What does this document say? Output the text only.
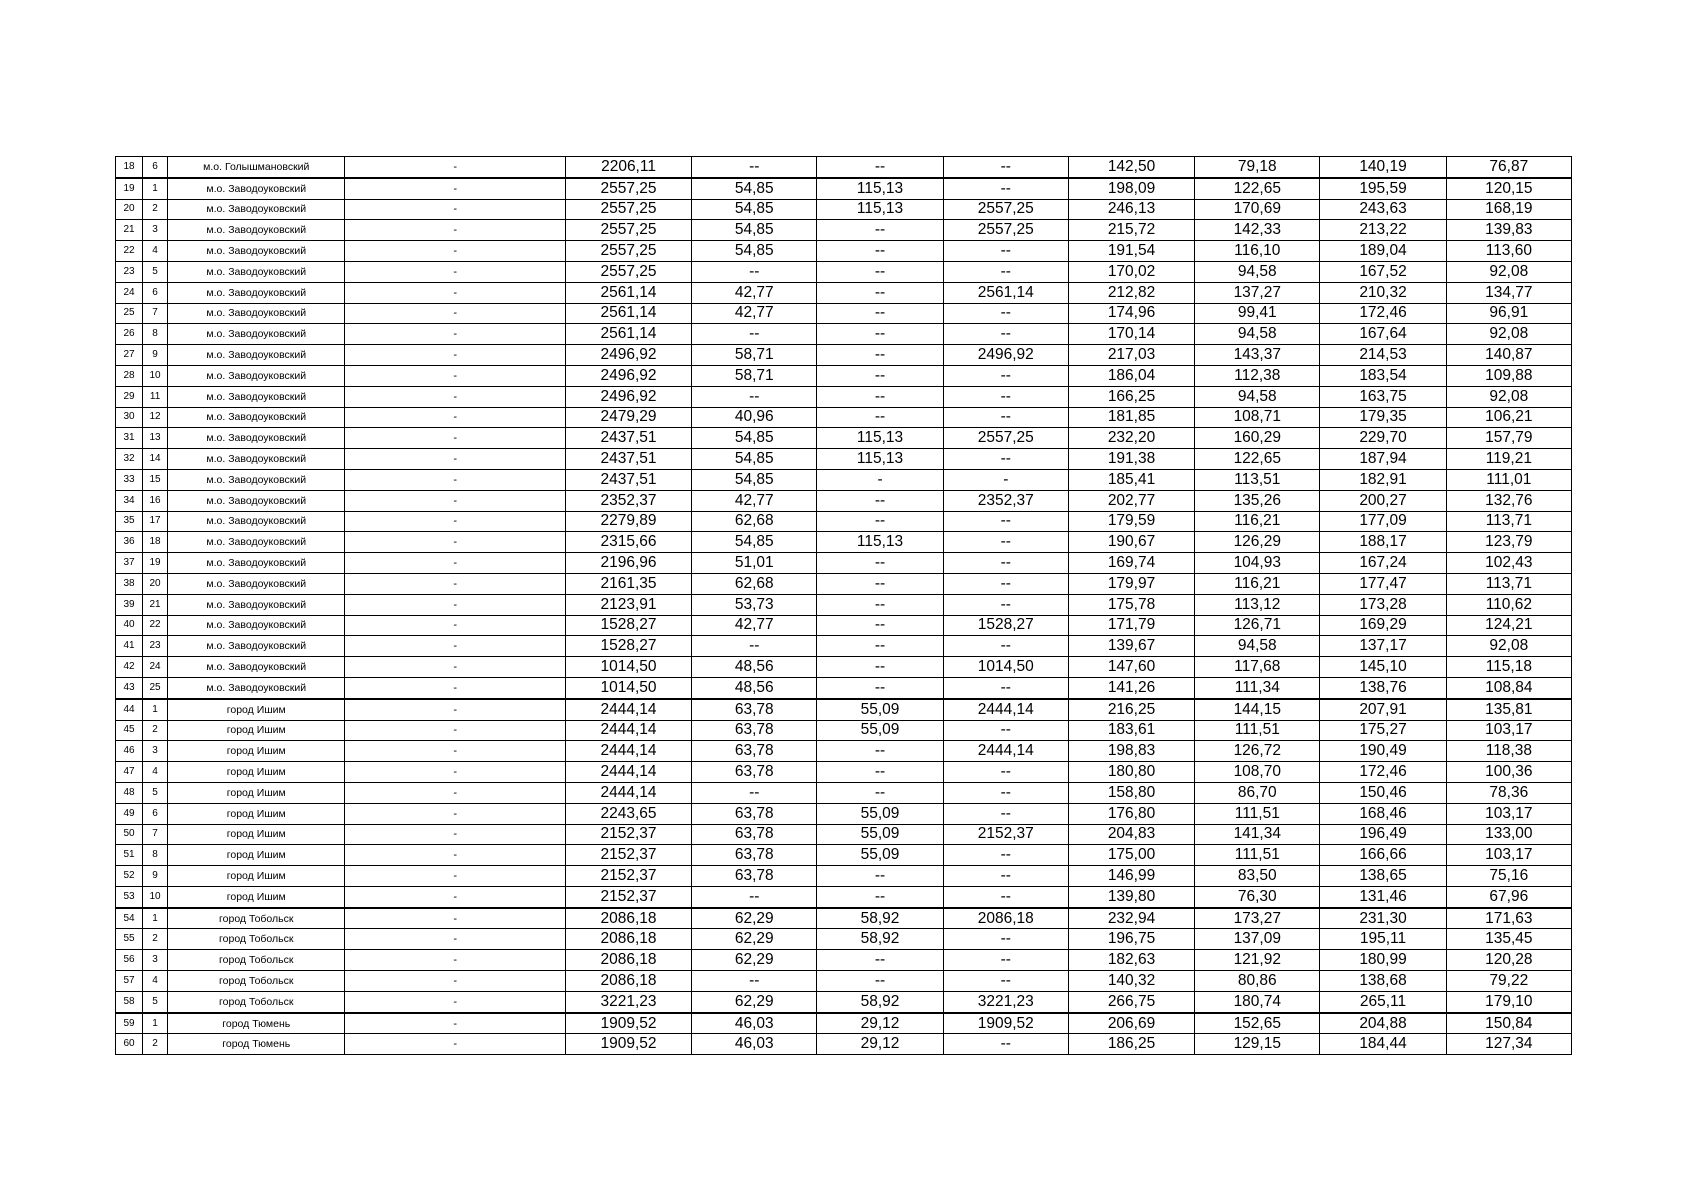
18	6	м.о. Голышмановский	-	2206,11	--	--	--	142,50	79,18	140,19	76,87
19	1	м.о. Заводоуковский	-	2557,25	54,85	115,13	--	198,09	122,65	195,59	120,15
20	2	м.о. Заводоуковский	-	2557,25	54,85	115,13	2557,25	246,13	170,69	243,63	168,19
21	3	м.о. Заводоуковский	-	2557,25	54,85	--	2557,25	215,72	142,33	213,22	139,83
22	4	м.о. Заводоуковский	-	2557,25	54,85	--	--	191,54	116,10	189,04	113,60
23	5	м.о. Заводоуковский	-	2557,25	--	--	--	170,02	94,58	167,52	92,08
24	6	м.о. Заводоуковский	-	2561,14	42,77	--	2561,14	212,82	137,27	210,32	134,77
25	7	м.о. Заводоуковский	-	2561,14	42,77	--	--	174,96	99,41	172,46	96,91
26	8	м.о. Заводоуковский	-	2561,14	--	--	--	170,14	94,58	167,64	92,08
27	9	м.о. Заводоуковский	-	2496,92	58,71	--	2496,92	217,03	143,37	214,53	140,87
28	10	м.о. Заводоуковский	-	2496,92	58,71	--	--	186,04	112,38	183,54	109,88
29	11	м.о. Заводоуковский	-	2496,92	--	--	--	166,25	94,58	163,75	92,08
30	12	м.о. Заводоуковский	-	2479,29	40,96	--	--	181,85	108,71	179,35	106,21
31	13	м.о. Заводоуковский	-	2437,51	54,85	115,13	2557,25	232,20	160,29	229,70	157,79
32	14	м.о. Заводоуковский	-	2437,51	54,85	115,13	--	191,38	122,65	187,94	119,21
33	15	м.о. Заводоуковский	-	2437,51	54,85	-	-	185,41	113,51	182,91	111,01
34	16	м.о. Заводоуковский	-	2352,37	42,77	--	2352,37	202,77	135,26	200,27	132,76
35	17	м.о. Заводоуковский	-	2279,89	62,68	--	--	179,59	116,21	177,09	113,71
36	18	м.о. Заводоуковский	-	2315,66	54,85	115,13	--	190,67	126,29	188,17	123,79
37	19	м.о. Заводоуковский	-	2196,96	51,01	--	--	169,74	104,93	167,24	102,43
38	20	м.о. Заводоуковский	-	2161,35	62,68	--	--	179,97	116,21	177,47	113,71
39	21	м.о. Заводоуковский	-	2123,91	53,73	--	--	175,78	113,12	173,28	110,62
40	22	м.о. Заводоуковский	-	1528,27	42,77	--	1528,27	171,79	126,71	169,29	124,21
41	23	м.о. Заводоуковский	-	1528,27	--	--	--	139,67	94,58	137,17	92,08
42	24	м.о. Заводоуковский	-	1014,50	48,56	--	1014,50	147,60	117,68	145,10	115,18
43	25	м.о. Заводоуковский	-	1014,50	48,56	--	--	141,26	111,34	138,76	108,84
44	1	город Ишим	-	2444,14	63,78	55,09	2444,14	216,25	144,15	207,91	135,81
45	2	город Ишим	-	2444,14	63,78	55,09	--	183,61	111,51	175,27	103,17
46	3	город Ишим	-	2444,14	63,78	--	2444,14	198,83	126,72	190,49	118,38
47	4	город Ишим	-	2444,14	63,78	--	--	180,80	108,70	172,46	100,36
48	5	город Ишим	-	2444,14	--	--	--	158,80	86,70	150,46	78,36
49	6	город Ишим	-	2243,65	63,78	55,09	--	176,80	111,51	168,46	103,17
50	7	город Ишим	-	2152,37	63,78	55,09	2152,37	204,83	141,34	196,49	133,00
51	8	город Ишим	-	2152,37	63,78	55,09	--	175,00	111,51	166,66	103,17
52	9	город Ишим	-	2152,37	63,78	--	--	146,99	83,50	138,65	75,16
53	10	город Ишим	-	2152,37	--	--	--	139,80	76,30	131,46	67,96
54	1	город Тобольск	-	2086,18	62,29	58,92	2086,18	232,94	173,27	231,30	171,63
55	2	город Тобольск	-	2086,18	62,29	58,92	--	196,75	137,09	195,11	135,45
56	3	город Тобольск	-	2086,18	62,29	--	--	182,63	121,92	180,99	120,28
57	4	город Тобольск	-	2086,18	--	--	--	140,32	80,86	138,68	79,22
58	5	город Тобольск	-	3221,23	62,29	58,92	3221,23	266,75	180,74	265,11	179,10
59	1	город Тюмень	-	1909,52	46,03	29,12	1909,52	206,69	152,65	204,88	150,84
60	2	город Тюмень	-	1909,52	46,03	29,12	--	186,25	129,15	184,44	127,34
